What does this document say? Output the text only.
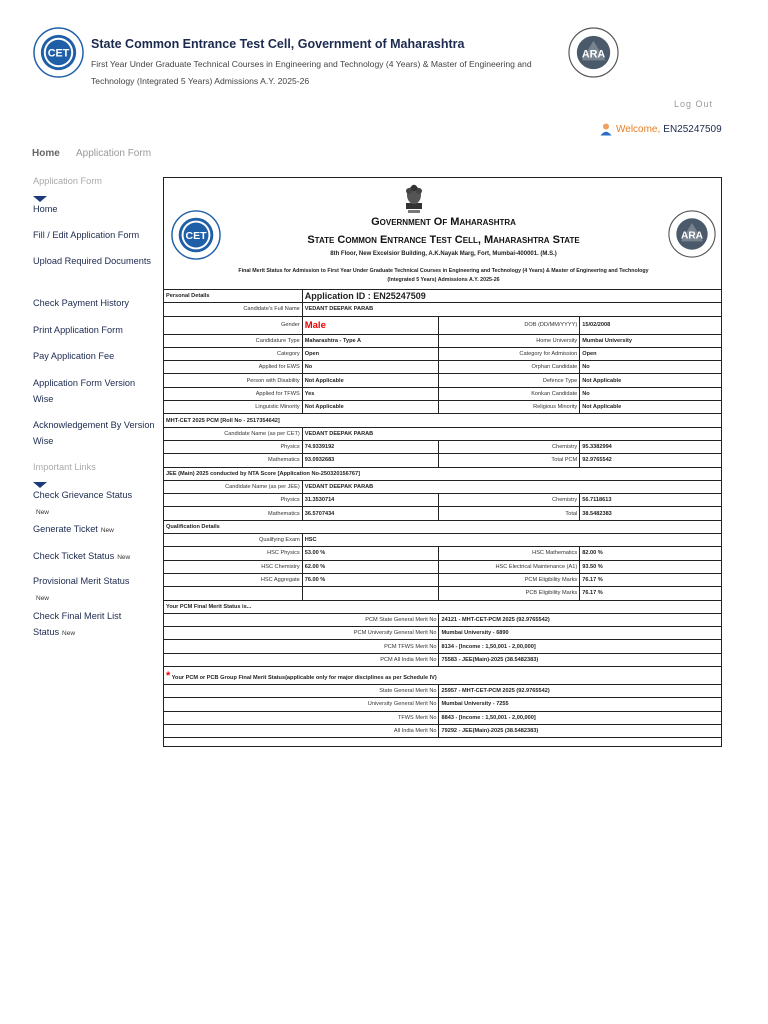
CET
State Common Entrance Test Cell, Government of Maharashtra
First Year Under Graduate Technical Courses in Engineering and Technology (4 Years) & Master of Engineering and Technology (Integrated 5 Years) Admissions A.Y. 2025-26
ARA
Log Out
Welcome, EN25247509
Home Application Form
Application Form
Home
Fill / Edit Application Form
Upload Required Documents
Check Payment History
Print Application Form
Pay Application Fee
Application Form Version Wise
Acknowledgement By Version Wise
Important Links
Check Grievance Status
New
Generate Ticket New
Check Ticket Status New
Provisional Merit Status
New
Check Final Merit List Status New
CET	ARA
Government Of Maharashtra
State Common Entrance Test Cell, Maharashtra State
8th Floor, New Excelsior Building, A.K.Nayak Marg, Fort, Mumbai-400001. (M.S.)
Final Merit Status for Admission to First Year Under Graduate Technical Courses in Engineering and Technology (4 Years) & Master of Engineering and Technology (Integrated 5 Years) Admissions A.Y. 2025-26
Personal Details	Application ID : EN25247509		
Candidate's Full Name	VEDANT DEEPAK PARAB		
Gender	Male	DOB (DD/MM/YYYY)	15/02/2008
Candidature Type	Maharashtra - Type A	Home University	Mumbai University
Category	Open	Category for Admission	Open
Applied for EWS	No	Orphan Candidate	No
Person with Disability	Not Applicable	Defence Type	Not Applicable
Applied for TFWS	Yes	Konkan Candidate	No
Linguistic Minority	Not Applicable	Religious Minority	Not Applicable
MHT-CET 2025 PCM [Roll No - 2517354642]			
Candidate Name (as per CET)	VEDANT DEEPAK PARAB		
Physics	74.9339192	Chemistry	95.3382994
Mathematics	93.0932683	Total PCM	92.9765542
JEE (Main) 2025 conducted by NTA Score [Application No-250320156767]			
Candidate Name (as per JEE)	VEDANT DEEPAK PARAB		
Physics	31.3530714	Chemistry	56.7118613
Mathematics	36.5707434	Total	38.5482383
Qualification Details			
Qualifying Exam	HSC		
HSC Physics	53.00 %	HSC Mathematics	82.00 %
HSC Chemistry	62.00 %	HSC Electrical Maintenance (A1)	93.50 %
HSC Aggregate	76.00 %	PCM Eligibility Marks	76.17 %
		PCB Eligibility Marks	76.17 %
Your PCM Final Merit Status is...			
PCM State General Merit No		24121 - MHT-CET-PCM 2025 (92.9765542)	
PCM University General Merit No		Mumbai University - 6890	
PCM TFWS Merit No		8134 - [Income : 1,50,001 - 2,00,000]	
PCM All India Merit No		75583 - JEE(Main)-2025 (38.5482383)	
* Your PCM or PCB Group Final Merit Status(applicable only for major disciplines as per Schedule IV)			
State General Merit No		25957 - MHT-CET-PCM 2025 (92.9765542)	
University General Merit No		Mumbai University - 7255	
TFWS Merit No		8843 - [Income : 1,50,001 - 2,00,000]	
All India Merit No		79292 - JEE(Main)-2025 (38.5482383)	
